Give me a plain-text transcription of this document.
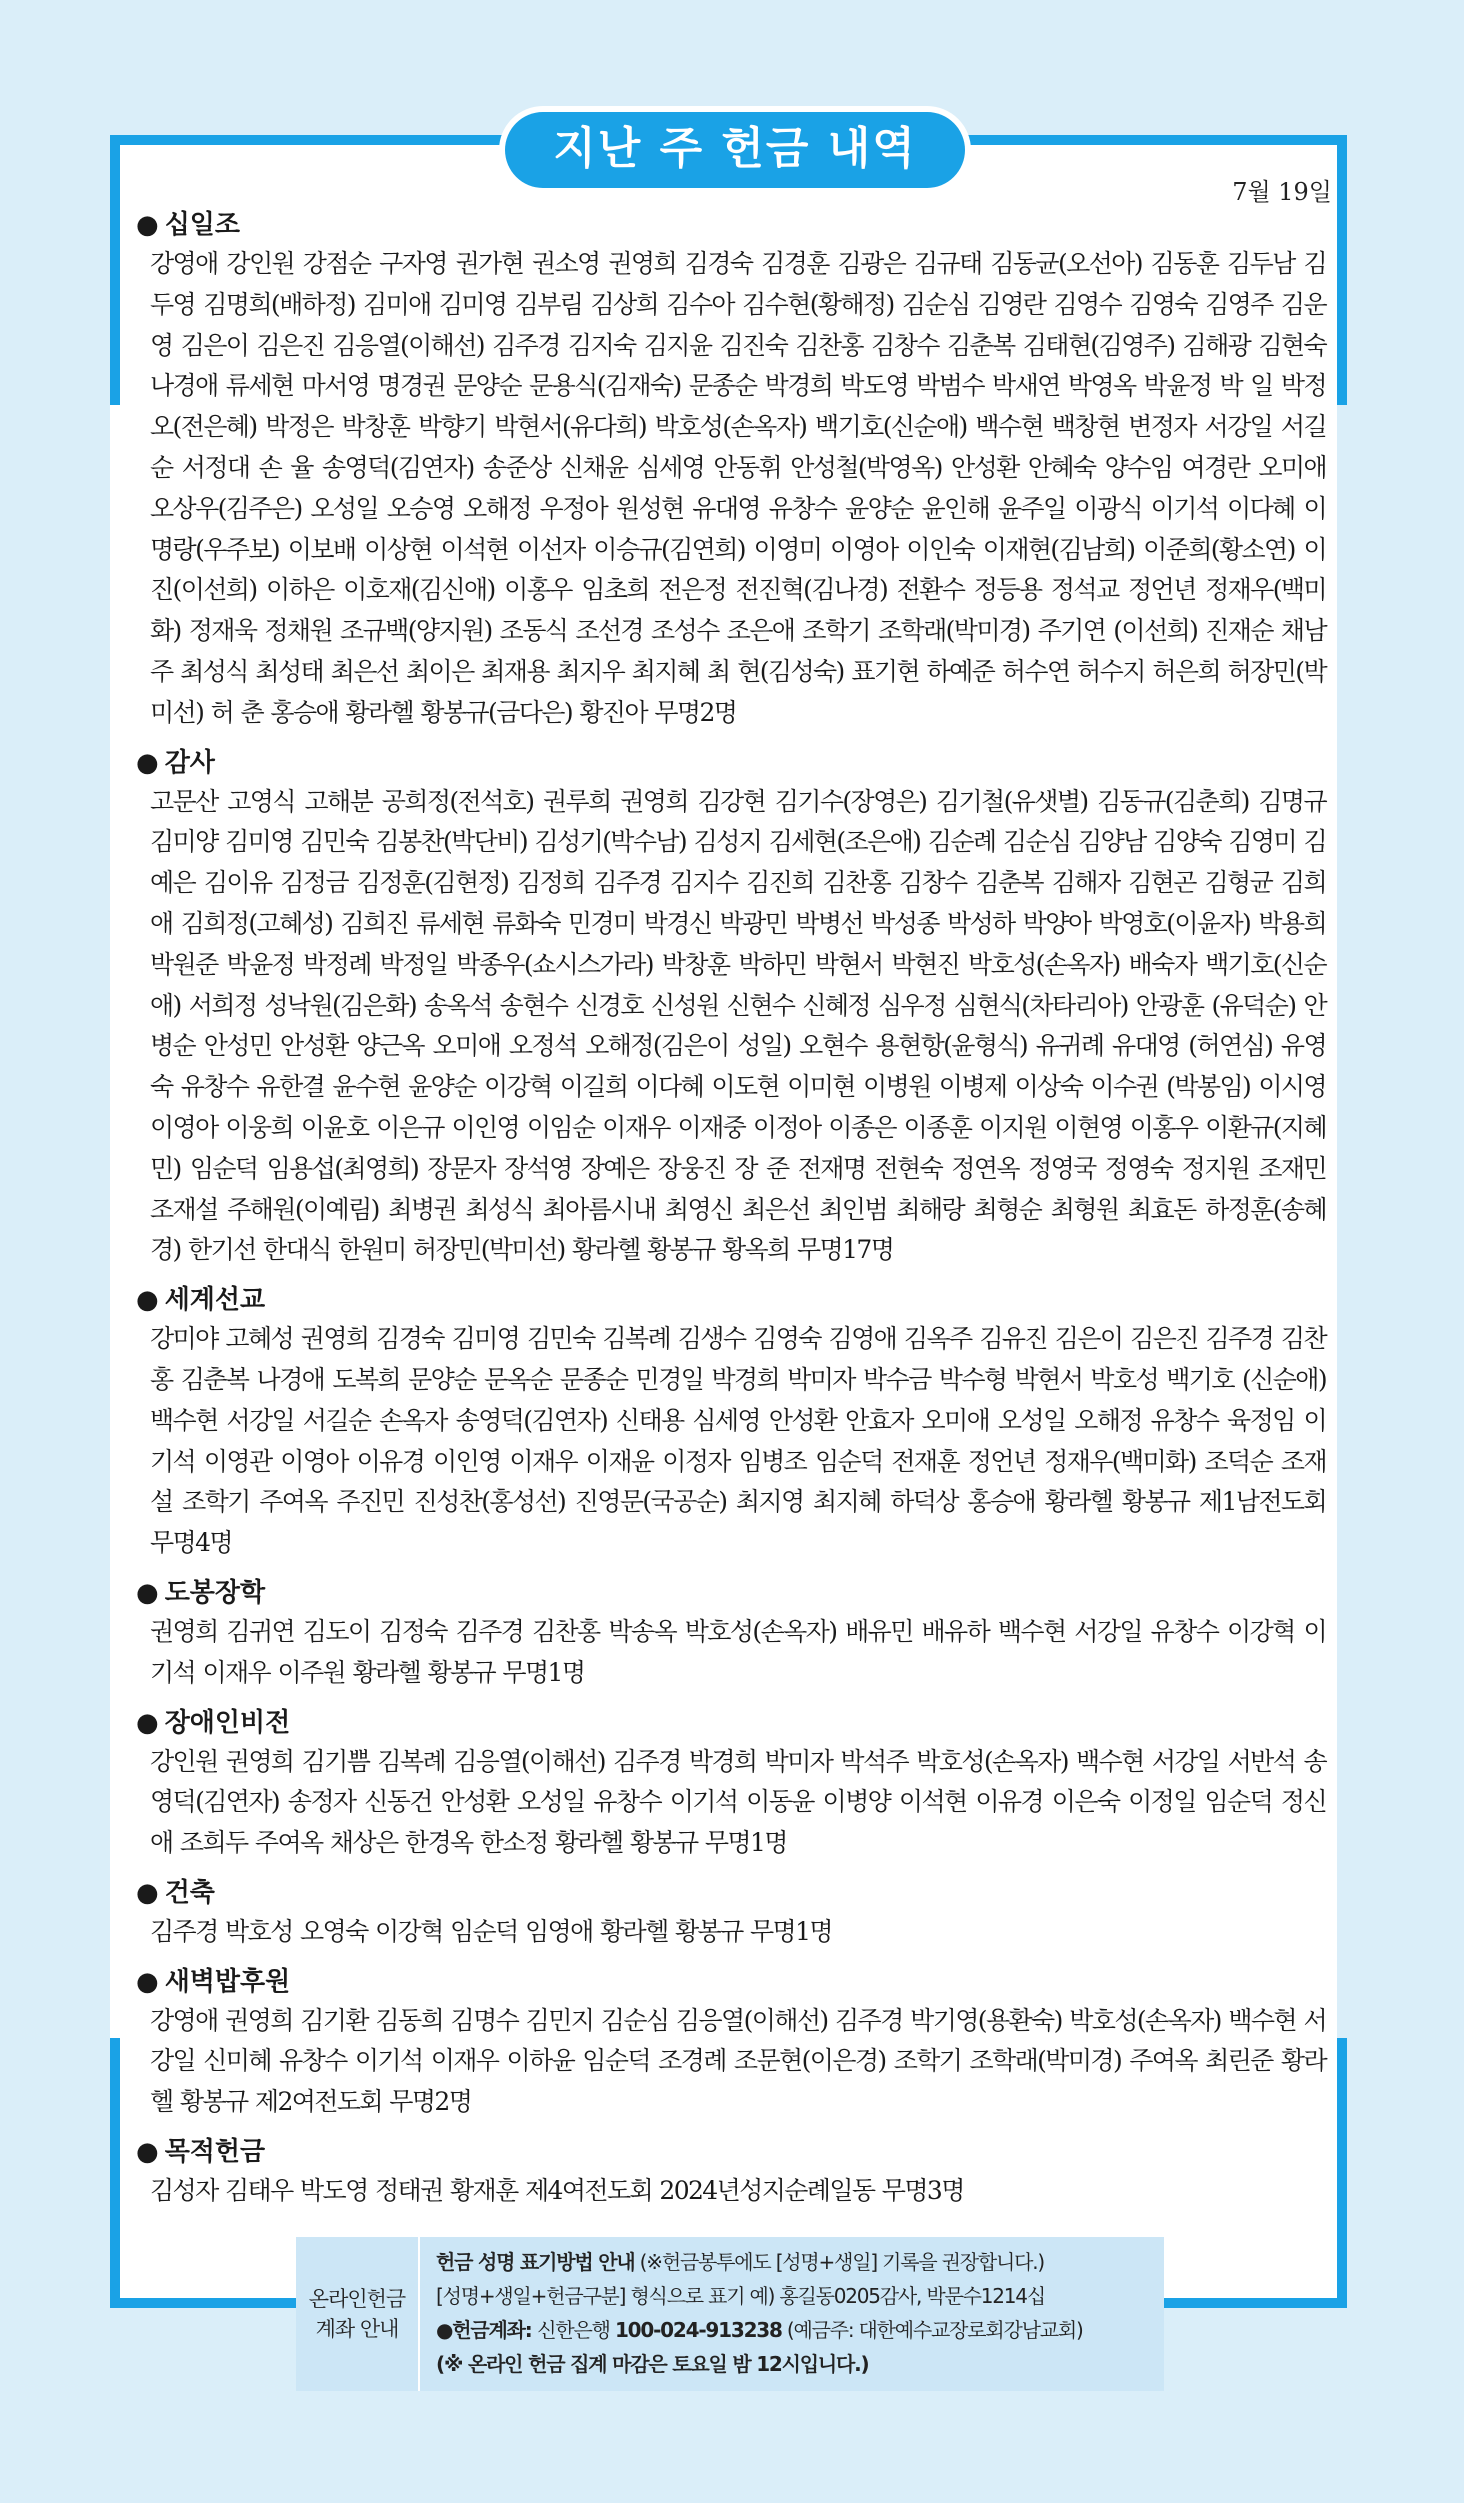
지난 주 헌금 내역
7월 19일
● 십일조
강영애 강인원 강점순 구자영 권가현 권소영 권영희 김경숙 김경훈 김광은 김규태 김동균(오선아) 김동훈 김두남 김두영 김명희(배하정) 김미애 김미영 김부림 김상희 김수아 김수현(황해정) 김순심 김영란 김영수 김영숙 김영주 김운영 김은이 김은진 김응열(이해선) 김주경 김지숙 김지윤 김진숙 김찬홍 김창수 김춘복 김태현(김영주) 김해광 김현숙 나경애 류세현 마서영 명경권 문양순 문용식(김재숙) 문종순 박경희 박도영 박범수 박새연 박영옥 박윤정 박 일 박정오(전은혜) 박정은 박창훈 박향기 박현서(유다희) 박호성(손옥자) 백기호(신순애) 백수현 백창현 변정자 서강일 서길순 서정대 손 율 송영덕(김연자) 송준상 신채윤 심세영 안동휘 안성철(박영옥) 안성환 안혜숙 양수임 여경란 오미애 오상우(김주은) 오성일 오승영 오해정 우정아 원성현 유대영 유창수 윤양순 윤인해 윤주일 이광식 이기석 이다혜 이명랑(우주보) 이보배 이상현 이석현 이선자 이승규(김연희) 이영미 이영아 이인숙 이재현(김남희) 이준희(황소연) 이 진(이선희) 이하은 이호재(김신애) 이홍우 임초희 전은정 전진혁(김나경) 전환수 정등용 정석교 정언년 정재우(백미화) 정재욱 정채원 조규백(양지원) 조동식 조선경 조성수 조은애 조학기 조학래(박미경) 주기연 (이선희) 진재순 채남주 최성식 최성태 최은선 최이은 최재용 최지우 최지혜 최 현(김성숙) 표기현 하예준 허수연 허수지 허은희 허장민(박미선) 허 춘 홍승애 황라헬 황봉규(금다은) 황진아 무명2명
● 감사
고문산 고영식 고해분 공희정(전석호) 권루희 권영희 김강현 김기수(장영은) 김기철(유샛별) 김동규(김춘희) 김명규 김미양 김미영 김민숙 김봉찬(박단비) 김성기(박수남) 김성지 김세현(조은애) 김순례 김순심 김양남 김양숙 김영미 김예은 김이유 김정금 김정훈(김현정) 김정희 김주경 김지수 김진희 김찬홍 김창수 김춘복 김해자 김현곤 김형균 김희애 김희정(고혜성) 김희진 류세현 류화숙 민경미 박경신 박광민 박병선 박성종 박성하 박양아 박영호(이윤자) 박용희 박원준 박윤정 박정례 박정일 박종우(쇼시스가라) 박창훈 박하민 박현서 박현진 박호성(손옥자) 배숙자 백기호(신순애) 서희정 성낙원(김은화) 송옥석 송현수 신경호 신성원 신현수 신혜정 심우정 심현식(차타리아) 안광훈 (유덕순) 안병순 안성민 안성환 양근옥 오미애 오정석 오해정(김은이 성일) 오현수 용현항(윤형식) 유귀례 유대영 (허연심) 유영숙 유창수 유한결 윤수현 윤양순 이강혁 이길희 이다혜 이도현 이미현 이병원 이병제 이상숙 이수권 (박봉임) 이시영 이영아 이웅희 이윤호 이은규 이인영 이임순 이재우 이재중 이정아 이종은 이종훈 이지원 이현영 이홍우 이환규(지혜민) 임순덕 임용섭(최영희) 장문자 장석영 장예은 장웅진 장 준 전재명 전현숙 정연옥 정영국 정영숙 정지원 조재민 조재설 주해원(이예림) 최병권 최성식 최아름시내 최영신 최은선 최인범 최해랑 최형순 최형원 최효돈 하정훈(송혜경) 한기선 한대식 한원미 허장민(박미선) 황라헬 황봉규 황옥희 무명17명
● 세계선교
강미야 고혜성 권영희 김경숙 김미영 김민숙 김복례 김생수 김영숙 김영애 김옥주 김유진 김은이 김은진 김주경 김찬홍 김춘복 나경애 도복희 문양순 문옥순 문종순 민경일 박경희 박미자 박수금 박수형 박현서 박호성 백기호 (신순애) 백수현 서강일 서길순 손옥자 송영덕(김연자) 신태용 심세영 안성환 안효자 오미애 오성일 오해정 유창수 육정임 이기석 이영관 이영아 이유경 이인영 이재우 이재윤 이정자 임병조 임순덕 전재훈 정언년 정재우(백미화) 조덕순 조재설 조학기 주여옥 주진민 진성찬(홍성선) 진영문(국공순) 최지영 최지혜 하덕상 홍승애 황라헬 황봉규 제1남전도회 무명4명
● 도봉장학
권영희 김귀연 김도이 김정숙 김주경 김찬홍 박송옥 박호성(손옥자) 배유민 배유하 백수현 서강일 유창수 이강혁 이기석 이재우 이주원 황라헬 황봉규 무명1명
● 장애인비전
강인원 권영희 김기쁨 김복례 김응열(이해선) 김주경 박경희 박미자 박석주 박호성(손옥자) 백수현 서강일 서반석 송영덕(김연자) 송정자 신동건 안성환 오성일 유창수 이기석 이동윤 이병양 이석현 이유경 이은숙 이정일 임순덕 정신애 조희두 주여옥 채상은 한경옥 한소정 황라헬 황봉규 무명1명
● 건축
김주경 박호성 오영숙 이강혁 임순덕 임영애 황라헬 황봉규 무명1명
● 새벽밥후원
강영애 권영희 김기환 김동희 김명수 김민지 김순심 김응열(이해선) 김주경 박기영(용환숙) 박호성(손옥자) 백수현 서강일 신미혜 유창수 이기석 이재우 이하윤 임순덕 조경례 조문현(이은경) 조학기 조학래(박미경) 주여옥 최린준 황라헬 황봉규 제2여전도회 무명2명
● 목적헌금
김성자 김태우 박도영 정태권 황재훈 제4여전도회 2024년성지순례일동 무명3명
온라인헌금
계좌 안내
헌금 성명 표기방법 안내 (※헌금봉투에도 [성명+생일] 기록을 권장합니다.)
[성명+생일+헌금구분] 형식으로 표기 예) 홍길동0205감사, 박문수1214십
●헌금계좌: 신한은행 100-024-913238 (예금주: 대한예수교장로회강남교회)
(※ 온라인 헌금 집계 마감은 토요일 밤 12시입니다.)
